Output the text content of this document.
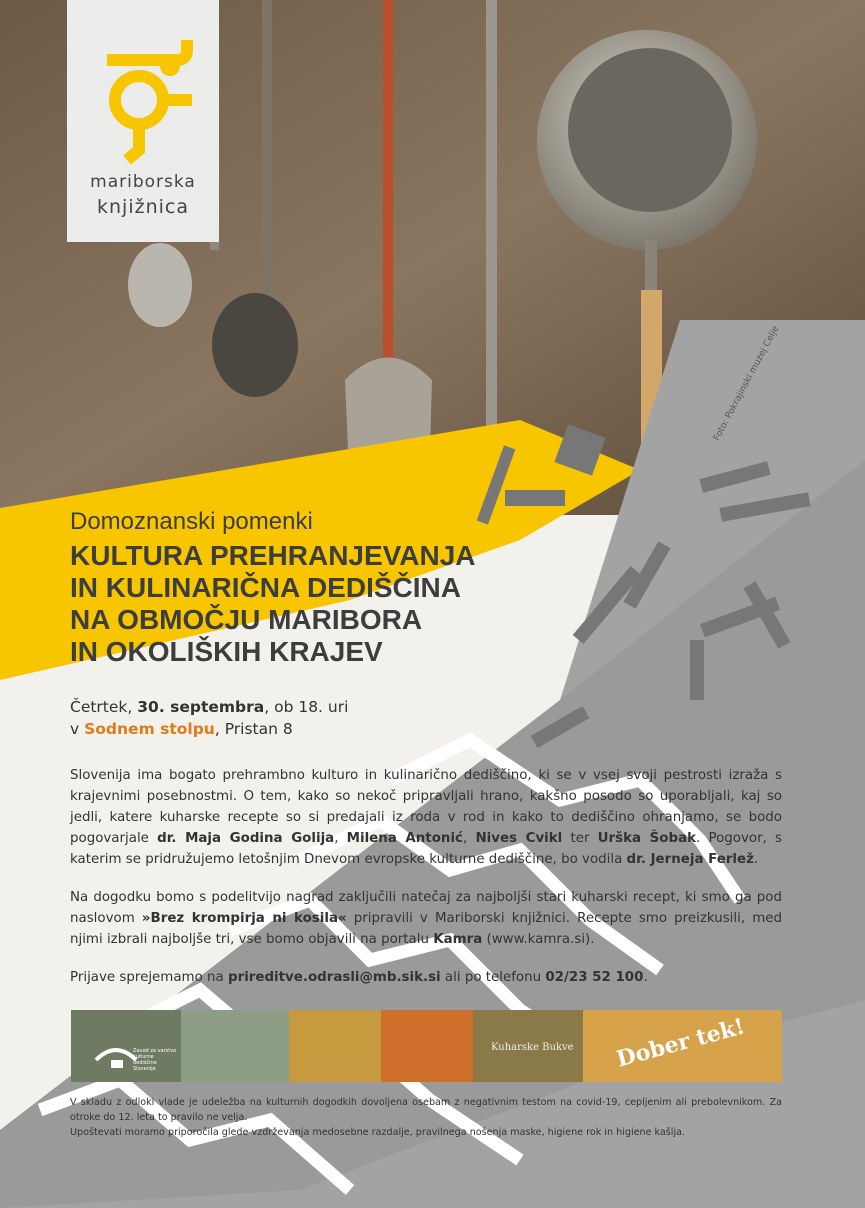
mariborska
knjižnica
Foto: Pokrajinski muzej Celje
Domoznanski pomenki
KULTURA PREHRANJEVANJA
IN KULINARIČNA DEDIŠČINA
NA OBMOČJU MARIBORA
IN OKOLIŠKIH KRAJEV
Četrtek, 30. septembra, ob 18. uri
v Sodnem stolpu, Pristan 8

Slovenija ima bogato prehrambno kulturo in kulinarično dediščino, ki se v vsej svoji pestrosti izraža s krajevnimi posebnostmi. O tem, kako so nekoč pripravljali hrano, kakšno posodo so uporabljali, kaj so jedli, katere kuharske recepte so si predajali iz roda v rod in kako to dediščino ohranjamo, se bodo pogovarjale dr. Maja Godina Golija, Milena Antonić, Nives Cvikl ter Urška Šobak. Pogovor, s katerim se pridružujemo letošnjim Dnevom evropske kulturne dediščine, bo vodila dr. Jerneja Ferlež.

Na dogodku bomo s podelitvijo nagrad zaključili natečaj za najboljši stari kuharski recept, ki smo ga pod naslovom »Brez krompirja ni kosila« pripravili v Mariborski knjižnici. Recepte smo preizkusili, med njimi izbrali najboljše tri, vse bomo objavili na portalu Kamra (www.kamra.si).

Prijave sprejemamo na prireditve.odrasli@mb.sik.si ali po telefonu 02/23 52 100.

Zavod za varstvo kulturne dediščine Slovenije
Kuharske Bukve Dober tek!

V skladu z odloki vlade je udeležba na kulturnih dogodkih dovoljena osebam z negativnim testom na covid-19, cepljenim ali prebolevnikom. Za otroke do 12. leta to pravilo ne velja.

Upoštevati moramo priporočila glede vzdrževanja medosebne razdalje, pravilnega nošenja maske, higiene rok in higiene kašlja.
